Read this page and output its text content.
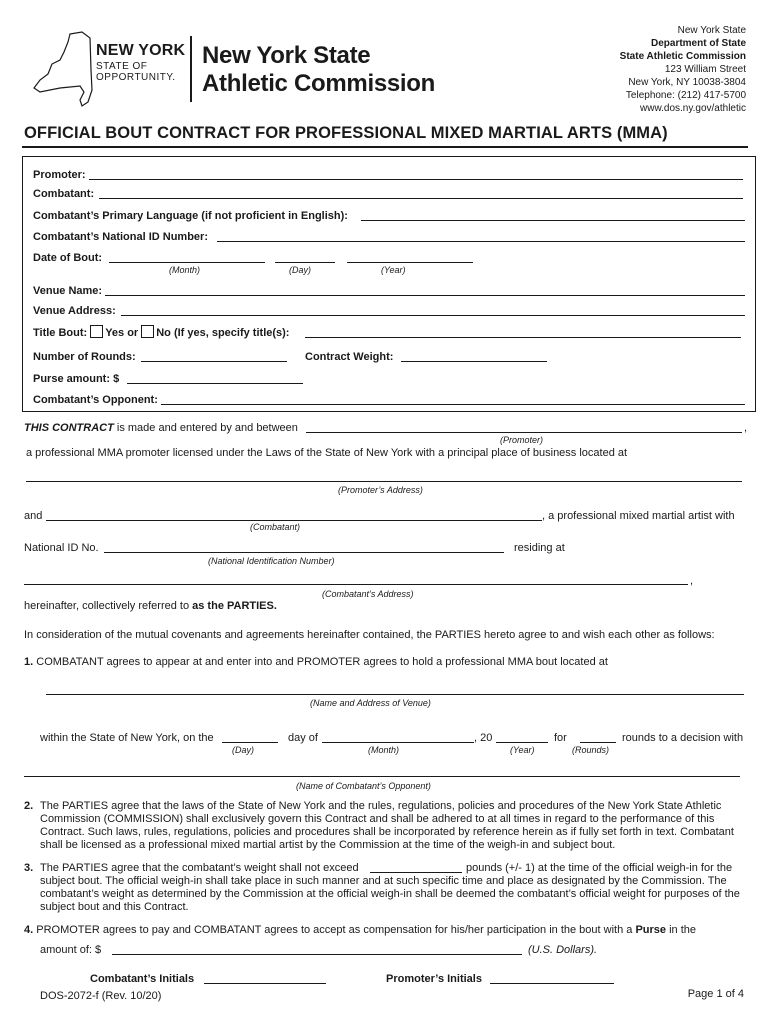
NEW YORK
STATE OF
OPPORTUNITY.
New York State
Athletic Commission
New York State
Department of State
State Athletic Commission
123 William Street
New York, NY 10038-3804
Telephone: (212) 417-5700
www.dos.ny.gov/athletic
OFFICIAL BOUT CONTRACT FOR PROFESSIONAL MIXED MARTIAL ARTS (MMA)
Promoter:
Combatant:
Combatant’s Primary Language (if not proficient in English):
Combatant’s National ID Number:
Date of Bout:
(Month)	(Day)	(Year)
Venue Name:
Venue Address:
Title Bout: Yes or No (If yes, specify title(s):
Number of Rounds:	Contract Weight:
Purse amount: $
Combatant’s Opponent:
THIS CONTRACT is made and entered by and between	,
(Promoter)
a professional MMA promoter licensed under the Laws of the State of New York with a principal place of business located at
(Promoter’s Address)
and	, a professional mixed martial artist with
(Combatant)
National ID No.	residing at
(National Identification Number)
,
(Combatant’s Address)
hereinafter, collectively referred to as the PARTIES.
In consideration of the mutual covenants and agreements hereinafter contained, the PARTIES hereto agree to and wish each other as follows:
1. COMBATANT agrees to appear at and enter into and PROMOTER agrees to hold a professional MMA bout located at
(Name and Address of Venue)
within the State of New York, on the	day of	, 20	for	rounds to a decision with
(Day)	(Month)	(Year)	(Rounds)
(Name of Combatant’s Opponent)
2. The PARTIES agree that the laws of the State of New York and the rules, regulations, policies and procedures of the New York State Athletic Commission (COMMISSION) shall exclusively govern this Contract and shall be adhered to at all times in regard to the performance of this Contract. Such laws, rules, regulations, policies and procedures shall be incorporated by reference herein as if fully set forth in text. Combatant shall be licensed as a professional mixed martial artist by the Commission at the time of the weigh-in and subject bout.
3. The PARTIES agree that the combatant’s weight shall not exceed	pounds (+/- 1) at the time of the official weigh-in for the
subject bout. The official weigh-in shall take place in such manner and at such specific time and place as designated by the Commission. The combatant’s weight as determined by the Commission at the official weigh-in shall be deemed the combatant’s official weight for purposes of the subject bout and this Contract.
4. PROMOTER agrees to pay and COMBATANT agrees to accept as compensation for his/her participation in the bout with a Purse in the
amount of: $	(U.S. Dollars).
Combatant’s Initials	Promoter’s Initials
DOS-2072-f (Rev. 10/20)	Page 1 of 4
